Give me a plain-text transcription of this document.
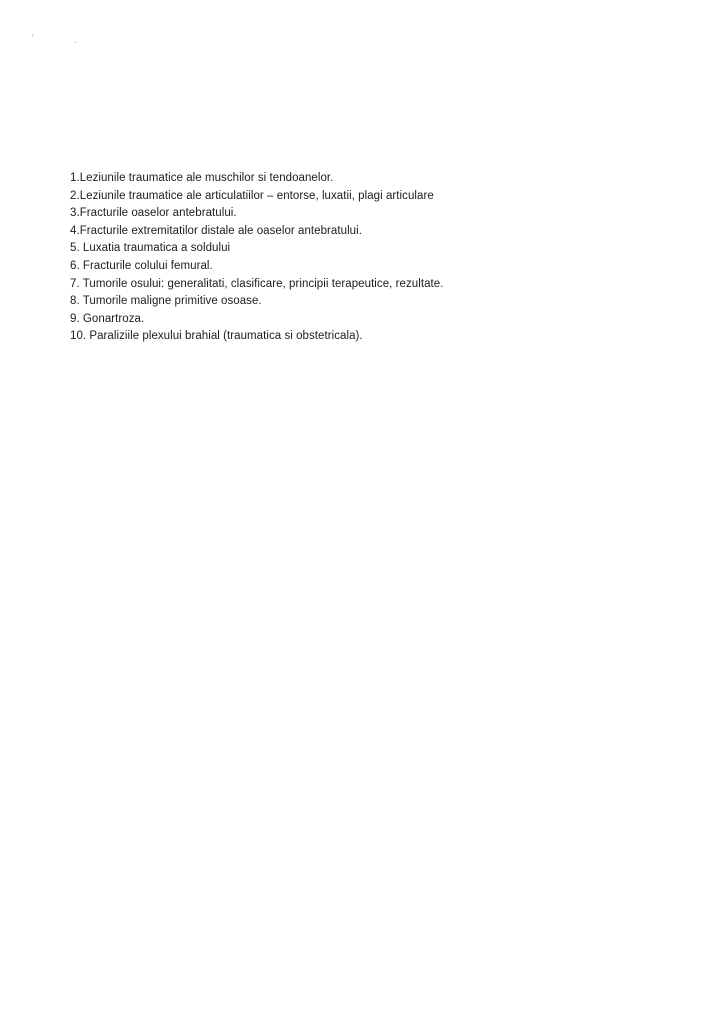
'	.
1.Leziunile traumatice ale muschilor si tendoanelor.
2.Leziunile traumatice ale articulatiilor – entorse, luxatii, plagi articulare
3.Fracturile oaselor antebratului.
4.Fracturile extremitatilor distale ale oaselor antebratului.
5. Luxatia traumatica a soldului
6. Fracturile colului femural.
7. Tumorile osului: generalitati, clasificare, principii terapeutice, rezultate.
8. Tumorile maligne primitive osoase.
9. Gonartroza.
10. Paraliziile plexului brahial (traumatica si obstetricala).
